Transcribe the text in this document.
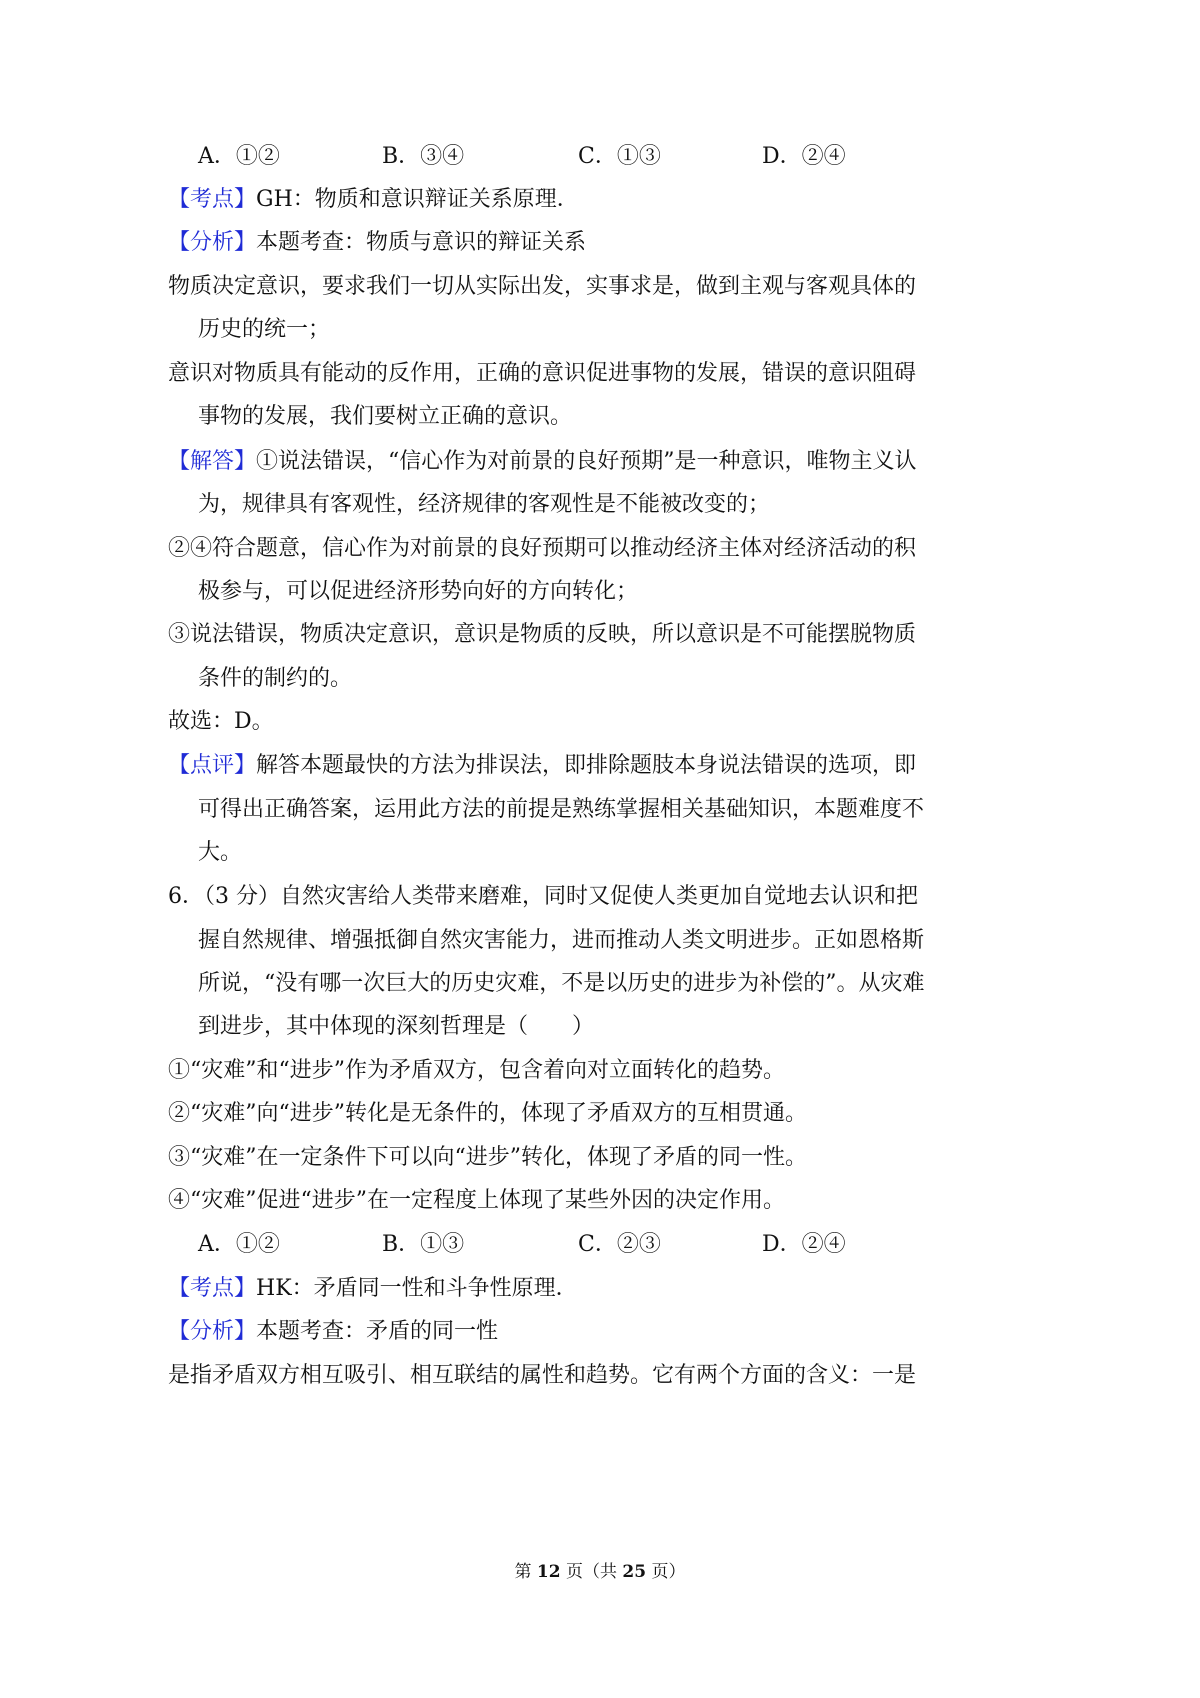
A．①②	B．③④	C．①③	D．②④
【考点】GH：物质和意识辩证关系原理．
【分析】本题考查：物质与意识的辩证关系
物质决定意识，要求我们一切从实际出发，实事求是，做到主观与客观具体的
历史的统一；
意识对物质具有能动的反作用，正确的意识促进事物的发展，错误的意识阻碍
事物的发展，我们要树立正确的意识。
【解答】①说法错误，“信心作为对前景的良好预期”是一种意识，唯物主义认
为，规律具有客观性，经济规律的客观性是不能被改变的；
②④符合题意，信心作为对前景的良好预期可以推动经济主体对经济活动的积
极参与，可以促进经济形势向好的方向转化；
③说法错误，物质决定意识，意识是物质的反映，所以意识是不可能摆脱物质
条件的制约的。
故选：D。
【点评】解答本题最快的方法为排误法，即排除题肢本身说法错误的选项，即
可得出正确答案，运用此方法的前提是熟练掌握相关基础知识，本题难度不
大。
6．（3 分）自然灾害给人类带来磨难，同时又促使人类更加自觉地去认识和把
握自然规律、增强抵御自然灾害能力，进而推动人类文明进步。正如恩格斯
所说，“没有哪一次巨大的历史灾难，不是以历史的进步为补偿的”。从灾难
到进步，其中体现的深刻哲理是（　　）
①“灾难”和“进步”作为矛盾双方，包含着向对立面转化的趋势。
②“灾难”向“进步”转化是无条件的，体现了矛盾双方的互相贯通。
③“灾难”在一定条件下可以向“进步”转化，体现了矛盾的同一性。
④“灾难”促进“进步”在一定程度上体现了某些外因的决定作用。
A．①②	B．①③	C．②③	D．②④
【考点】HK：矛盾同一性和斗争性原理．
【分析】本题考查：矛盾的同一性
是指矛盾双方相互吸引、相互联结的属性和趋势。它有两个方面的含义：一是
第 12 页（共 25 页）
